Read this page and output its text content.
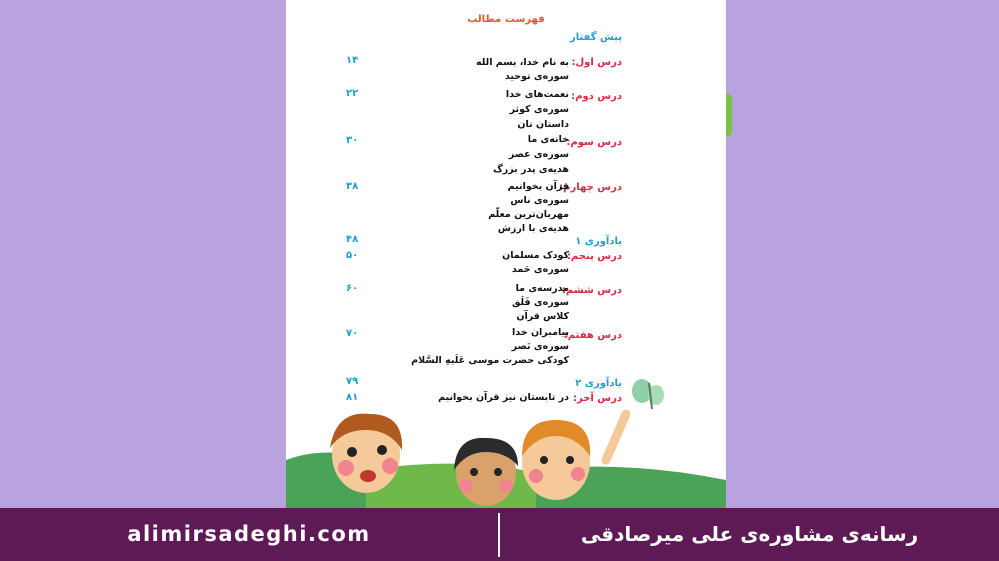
فهرست مطالب
پیش گفتار
درس اول:
به نام خدا، بسم الله
سوره‌ی توحید
۱۴
درس دوم:
نعمت‌های خدا
سوره‌ی کوثر
داستان نان
۲۲
درس سوم:
خانه‌ی ما
سوره‌ی عصر
هدیه‌ی پدر بزرگ
۳۰
درس چهارم:
قرآن بخوانیم
سوره‌ی ناس
مهربان‌ترین معلّم
هدیه‌ی با ارزش
۳۸
یادآوری ۱
۴۸
درس پنجم:
کودک مسلمان
سوره‌ی حَمد
۵۰
درس ششم:
مدرسه‌ی ما
سوره‌ی فَلَق
کلاس قرآن
۶۰
درس هفتم:
پیامبران خدا
سوره‌ی نَصر
کودکی حضرت موسی عَلَیهِ السَّلام
۷۰
یادآوری ۲
۷۹
درس آخر:
در تابستان نیز قرآن بخوانیم
۸۱
alimirsadeghi.com	رسانه‌ی مشاوره‌ی علی میرصادقی
